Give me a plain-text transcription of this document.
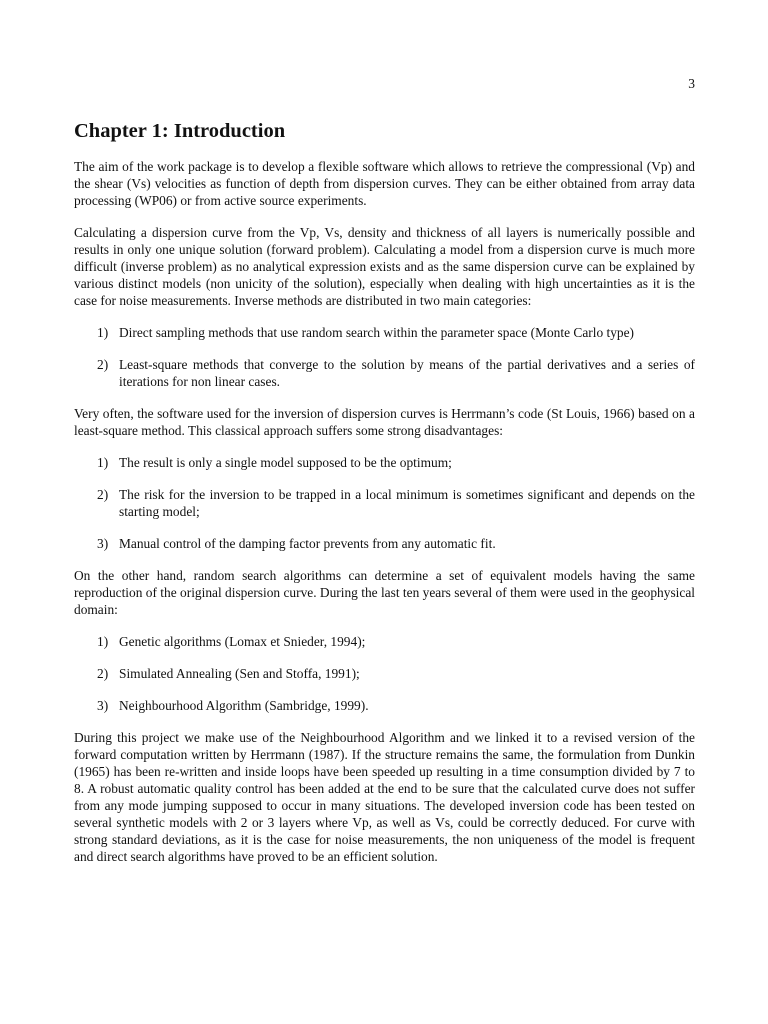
3
Chapter 1: Introduction

The aim of the work package is to develop a flexible software which allows to retrieve the compressional (Vp) and the shear (Vs) velocities as function of depth from dispersion curves. They can be either obtained from array data processing (WP06) or from active source experiments.

Calculating a dispersion curve from the Vp, Vs, density and thickness of all layers is numerically possible and results in only one unique solution (forward problem). Calculating a model from a dispersion curve is much more difficult (inverse problem) as no analytical expression exists and as the same dispersion curve can be explained by various distinct models (non unicity of the solution), especially when dealing with high uncertainties as it is the case for noise measurements. Inverse methods are distributed in two main categories:

1) Direct sampling methods that use random search within the parameter space (Monte Carlo type)
2) Least-square methods that converge to the solution by means of the partial derivatives and a series of iterations for non linear cases.

Very often, the software used for the inversion of dispersion curves is Herrmann’s code (St Louis, 1966) based on a least-square method. This classical approach suffers some strong disadvantages:

1) The result is only a single model supposed to be the optimum;
2) The risk for the inversion to be trapped in a local minimum is sometimes significant and depends on the starting model;
3) Manual control of the damping factor prevents from any automatic fit.

On the other hand, random search algorithms can determine a set of equivalent models having the same reproduction of the original dispersion curve. During the last ten years several of them were used in the geophysical domain:

1) Genetic algorithms (Lomax et Snieder, 1994);
2) Simulated Annealing (Sen and Stoffa, 1991);
3) Neighbourhood Algorithm (Sambridge, 1999).

During this project we make use of the Neighbourhood Algorithm and we linked it to a revised version of the forward computation written by Herrmann (1987). If the structure remains the same, the formulation from Dunkin (1965) has been re-written and inside loops have been speeded up resulting in a time consumption divided by 7 to 8. A robust automatic quality control has been added at the end to be sure that the calculated curve does not suffer from any mode jumping supposed to occur in many situations. The developed inversion code has been tested on several synthetic models with 2 or 3 layers where Vp, as well as Vs, could be correctly deduced. For curve with strong standard deviations, as it is the case for noise measurements, the non uniqueness of the model is frequent and direct search algorithms have proved to be an efficient solution.
